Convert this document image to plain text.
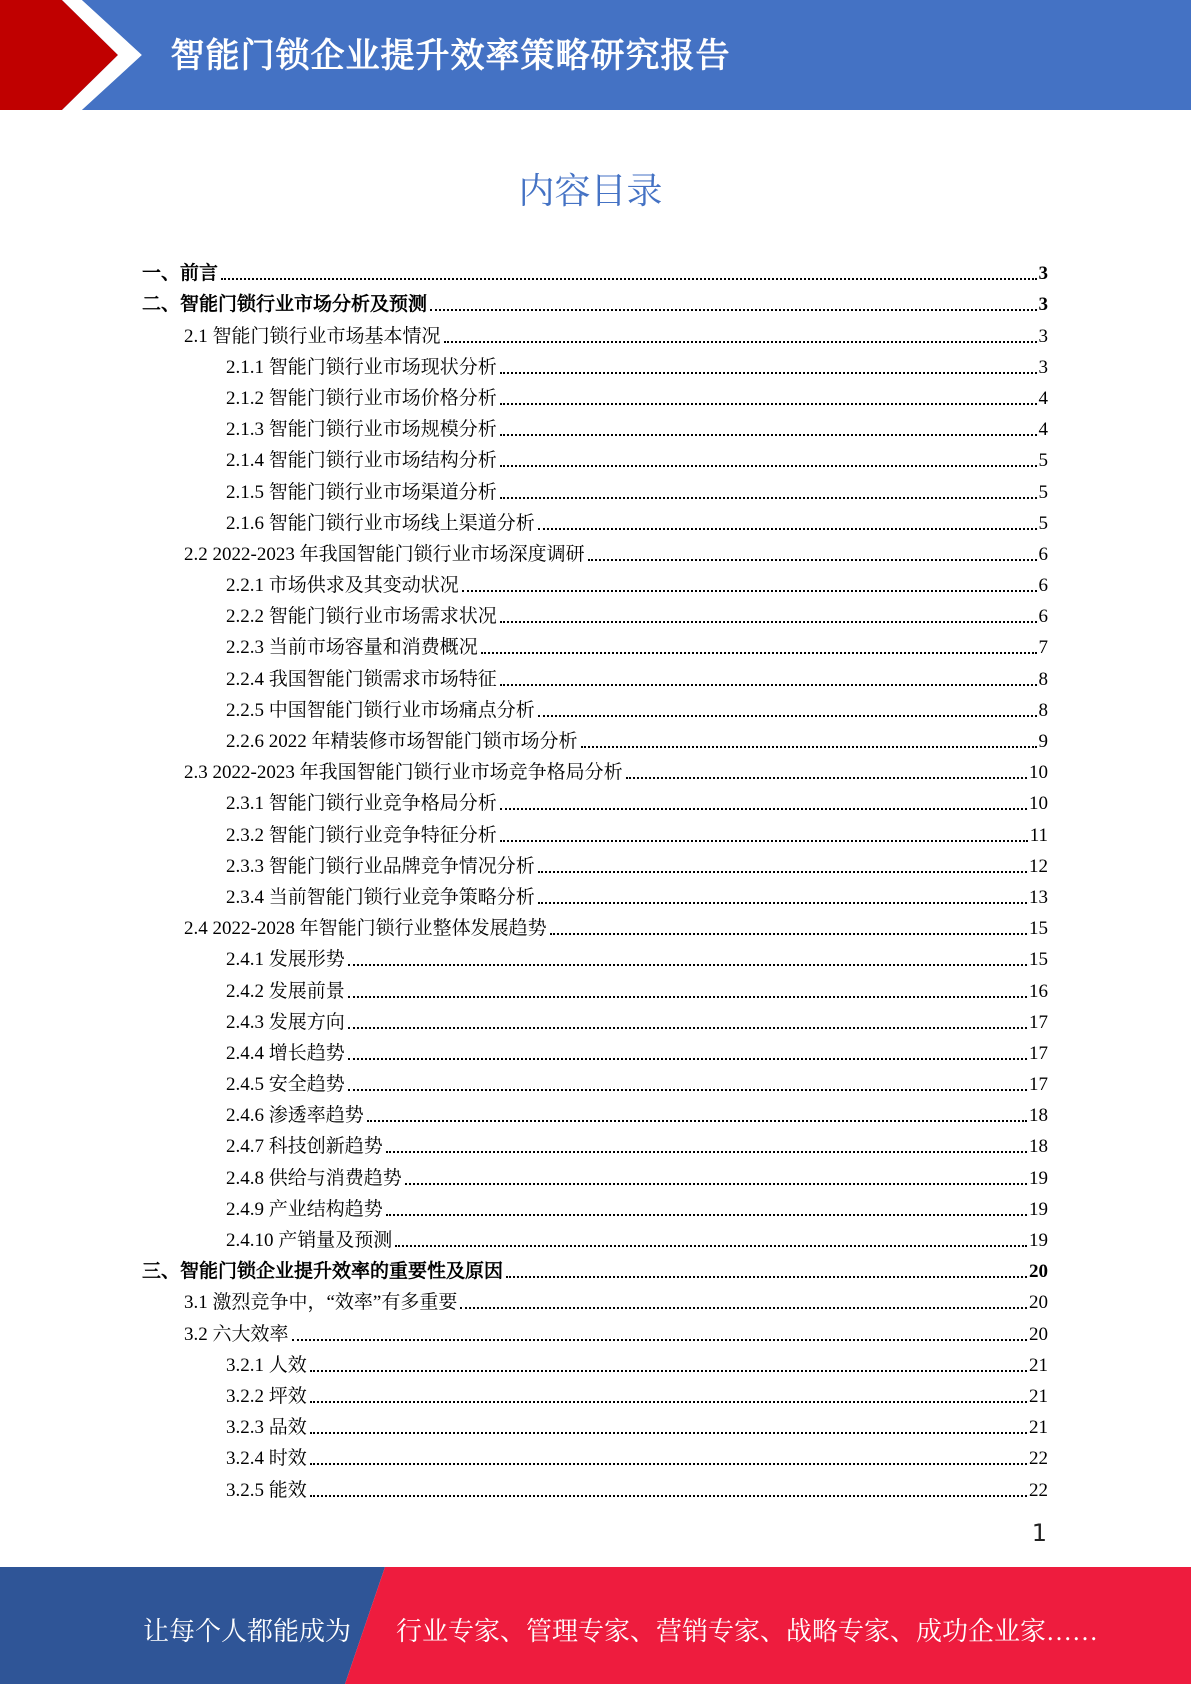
智能门锁企业提升效率策略研究报告
内容目录
一、前言	3
二、智能门锁行业市场分析及预测	3
2.1 智能门锁行业市场基本情况	3
2.1.1 智能门锁行业市场现状分析	3
2.1.2 智能门锁行业市场价格分析	4
2.1.3 智能门锁行业市场规模分析	4
2.1.4 智能门锁行业市场结构分析	5
2.1.5 智能门锁行业市场渠道分析	5
2.1.6 智能门锁行业市场线上渠道分析	5
2.2 2022-2023 年我国智能门锁行业市场深度调研	6
2.2.1 市场供求及其变动状况	6
2.2.2 智能门锁行业市场需求状况	6
2.2.3 当前市场容量和消费概况	7
2.2.4 我国智能门锁需求市场特征	8
2.2.5 中国智能门锁行业市场痛点分析	8
2.2.6 2022 年精装修市场智能门锁市场分析	9
2.3 2022-2023 年我国智能门锁行业市场竞争格局分析	10
2.3.1 智能门锁行业竞争格局分析	10
2.3.2 智能门锁行业竞争特征分析	11
2.3.3 智能门锁行业品牌竞争情况分析	12
2.3.4 当前智能门锁行业竞争策略分析	13
2.4 2022-2028 年智能门锁行业整体发展趋势	15
2.4.1 发展形势	15
2.4.2 发展前景	16
2.4.3 发展方向	17
2.4.4 增长趋势	17
2.4.5 安全趋势	17
2.4.6 渗透率趋势	18
2.4.7 科技创新趋势	18
2.4.8 供给与消费趋势	19
2.4.9 产业结构趋势	19
2.4.10 产销量及预测	19
三、智能门锁企业提升效率的重要性及原因	20
3.1 激烈竞争中，“效率”有多重要	20
3.2 六大效率	20
3.2.1 人效	21
3.2.2 坪效	21
3.2.3 品效	21
3.2.4 时效	22
3.2.5 能效	22
1
让每个人都能成为 行业专家、管理专家、营销专家、战略专家、成功企业家……
